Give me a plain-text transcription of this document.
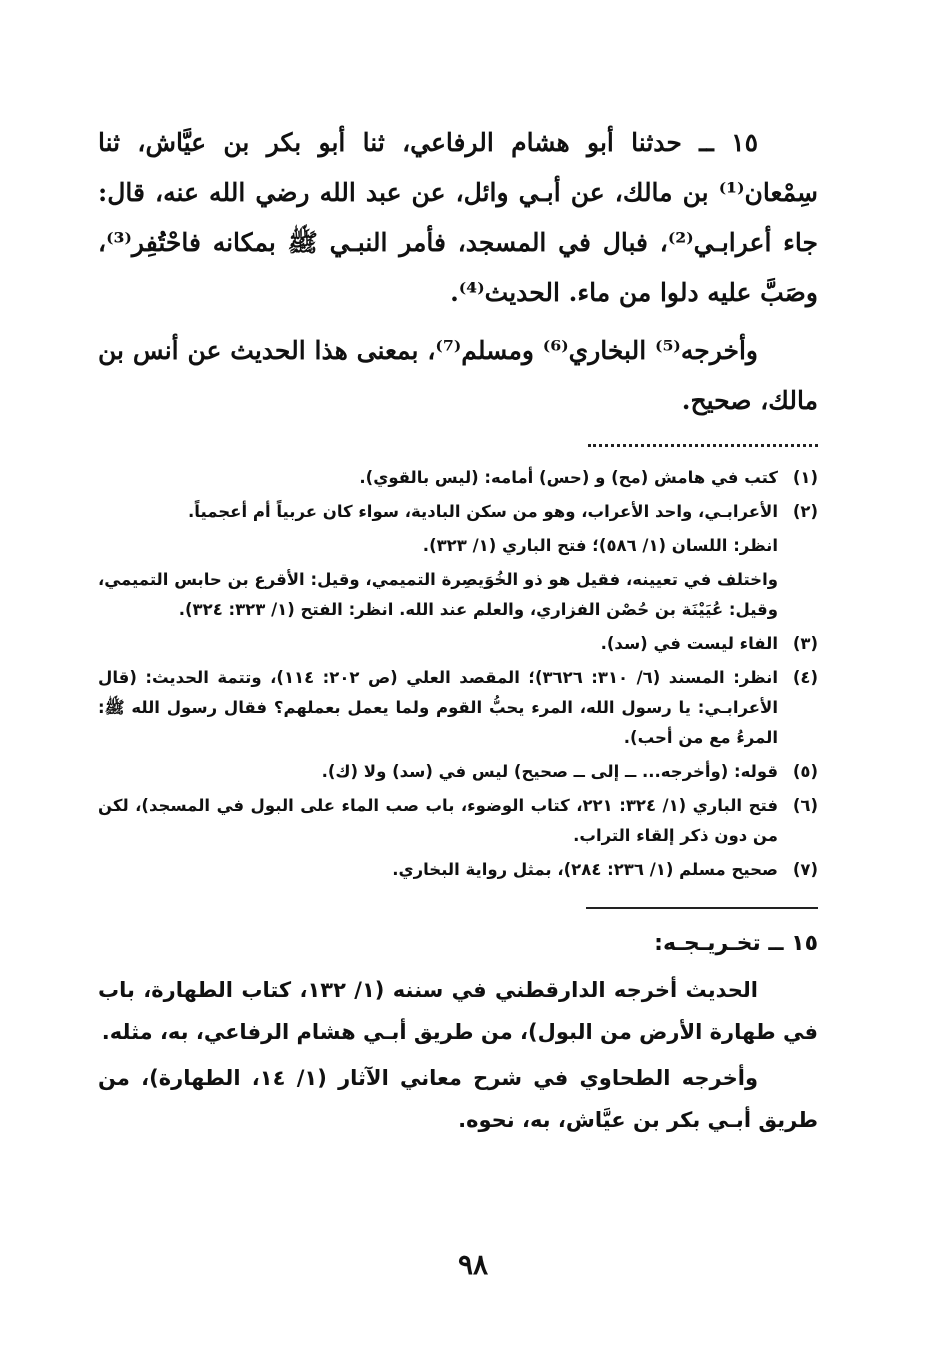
١٥ ــ حدثنا أبو هشام الرفاعي، ثنا أبو بكر بن عيَّاش، ثنا سِمْعان⁽¹⁾ بن مالك، عن أبـي وائل، عن عبد الله رضي الله عنه، قال: جاء أعرابـي⁽²⁾، فبال في المسجد، فأمر النبـي ﷺ بمكانه فاحْتُفِر⁽³⁾، وصَبَّ عليه دلوا من ماء. الحديث⁽⁴⁾.

وأخرجه⁽⁵⁾ البخاري⁽⁶⁾ ومسلم⁽⁷⁾، بمعنى هذا الحديث عن أنس بن مالك، صحيح.

(١)
كتب في هامش (مح) و (حس) أمامه: (ليس بالقوي).
(٢)
الأعرابـي، واحد الأعراب، وهو من سكن البادية، سواء كان عربياً أم أعجمياً.
انظر: اللسان (١/ ٥٨٦)؛ فتح الباري (١/ ٣٢٣).
واختلف في تعيينه، فقيل هو ذو الخُوَيصِرة التميمي، وقيل: الأقرع بن حابس التميمي، وقيل: عُيَيْنَة بن حُصْن الفزاري، والعلم عند الله. انظر: الفتح (١/ ٣٢٣: ٣٢٤).
(٣)
الفاء ليست في (سد).
(٤)
انظر: المسند (٦/ ٣١٠: ٣٦٢٦)؛ المقصد العلي (ص ٢٠٢: ١١٤)، وتتمة الحديث: (قال الأعرابـي: يا رسول الله، المرء يحبُّ القوم ولما يعمل بعملهم؟ فقال رسول الله ﷺ: المرءُ مع من أحب).
(٥)
قوله: (وأخرجه... ــ إلى ــ صحيح) ليس في (سد) ولا (ك).
(٦)
فتح الباري (١/ ٣٢٤: ٢٢١، كتاب الوضوء، باب صب الماء على البول في المسجد)، لكن من دون ذكر إلقاء التراب.
(٧)
صحيح مسلم (١/ ٢٣٦: ٢٨٤)، بمثل رواية البخاري.

١٥ ــ تخـريـجـه:

الحديث أخرجه الدارقطني في سننه (١/ ١٣٢، كتاب الطهارة، باب في طهارة الأرض من البول)، من طريق أبـي هشام الرفاعي، به، مثله.

وأخرجه الطحاوي في شرح معاني الآثار (١/ ١٤، الطهارة)، من طريق أبـي بكر بن عيَّاش، به، نحوه.

٩٨
